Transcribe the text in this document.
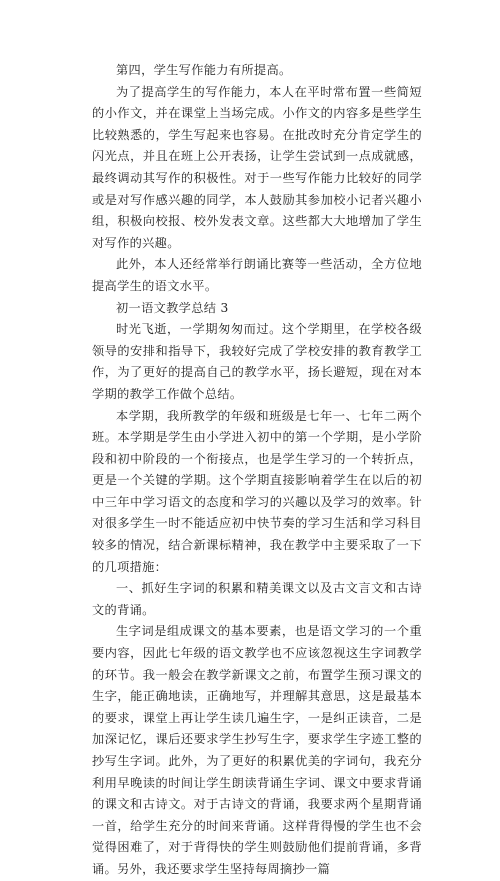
第四，学生写作能力有所提高。

为了提高学生的写作能力，本人在平时常布置一些简短的小作文，并在课堂上当场完成。小作文的内容多是些学生比较熟悉的，学生写起来也容易。在批改时充分肯定学生的闪光点，并且在班上公开表扬，让学生尝试到一点成就感，最终调动其写作的积极性。对于一些写作能力比较好的同学或是对写作感兴趣的同学，本人鼓励其参加校小记者兴趣小组，积极向校报、校外发表文章。这些都大大地增加了学生对写作的兴趣。

此外，本人还经常举行朗诵比赛等一些活动，全方位地提高学生的语文水平。

初一语文教学总结 3

时光飞逝，一学期匆匆而过。这个学期里，在学校各级领导的安排和指导下，我较好完成了学校安排的教育教学工作，为了更好的提高自己的教学水平，扬长避短，现在对本学期的教学工作做个总结。

本学期，我所教学的年级和班级是七年一、七年二两个班。本学期是学生由小学进入初中的第一个学期，是小学阶段和初中阶段的一个衔接点，也是学生学习的一个转折点，更是一个关键的学期。这个学期直接影响着学生在以后的初中三年中学习语文的态度和学习的兴趣以及学习的效率。针对很多学生一时不能适应初中快节奏的学习生活和学习科目较多的情况，结合新课标精神，我在教学中主要采取了一下的几项措施：

一、抓好生字词的积累和精美课文以及古文言文和古诗文的背诵。

生字词是组成课文的基本要素，也是语文学习的一个重要内容，因此七年级的语文教学也不应该忽视这生字词教学的环节。我一般会在教学新课文之前，布置学生预习课文的生字，能正确地读，正确地写，并理解其意思，这是最基本的要求，课堂上再让学生读几遍生字，一是纠正读音，二是加深记忆，课后还要求学生抄写生字，要求学生字迹工整的抄写生字词。此外，为了更好的积累优美的字词句，我充分利用早晚读的时间让学生朗读背诵生字词、课文中要求背诵的课文和古诗文。对于古诗文的背诵，我要求两个星期背诵一首，给学生充分的时间来背诵。这样背得慢的学生也不会觉得困难了，对于背得快的学生则鼓励他们提前背诵，多背诵。另外，我还要求学生坚持每周摘抄一篇
